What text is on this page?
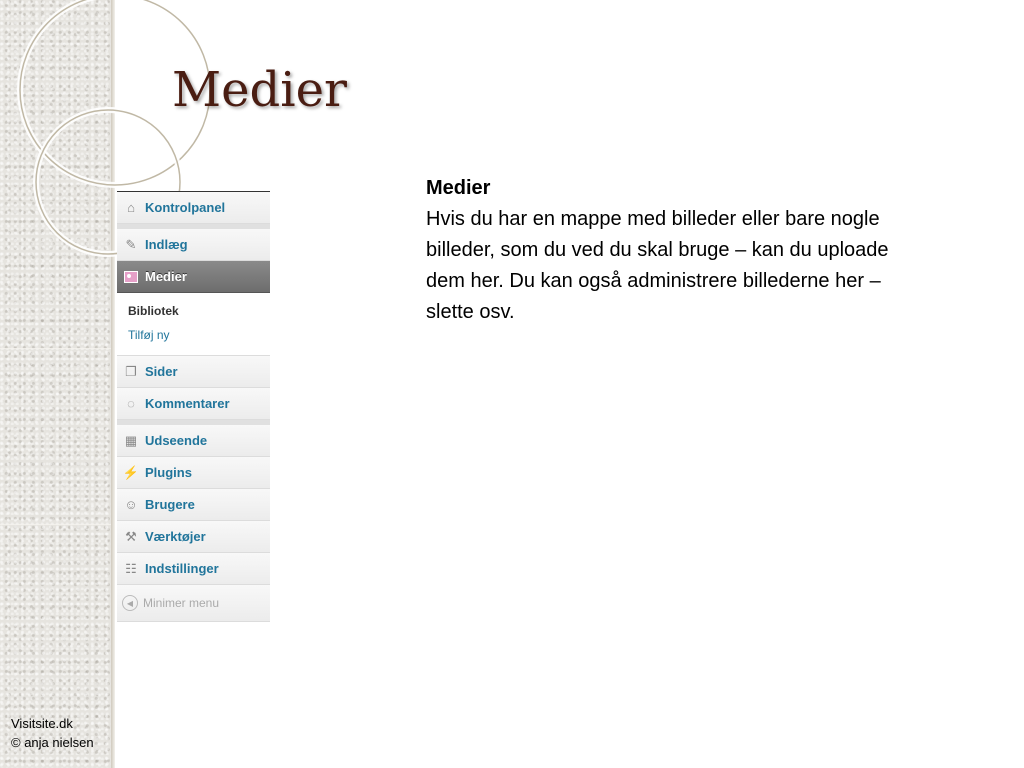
Medier
⌂ Kontrolpanel
✎ Indlæg
Medier
Bibliotek
Tilføj ny
❐ Sider
◌ Kommentarer
▦ Udseende
⚡ Plugins
☺ Brugere
⚒ Værktøjer
☷ Indstillinger
◀ Minimer menu
Medier
Hvis du har en mappe med billeder eller bare nogle billeder, som du ved du skal bruge – kan du uploade dem her. Du kan også administrere billederne her – slette osv.
Visitsite.dk
© anja nielsen
